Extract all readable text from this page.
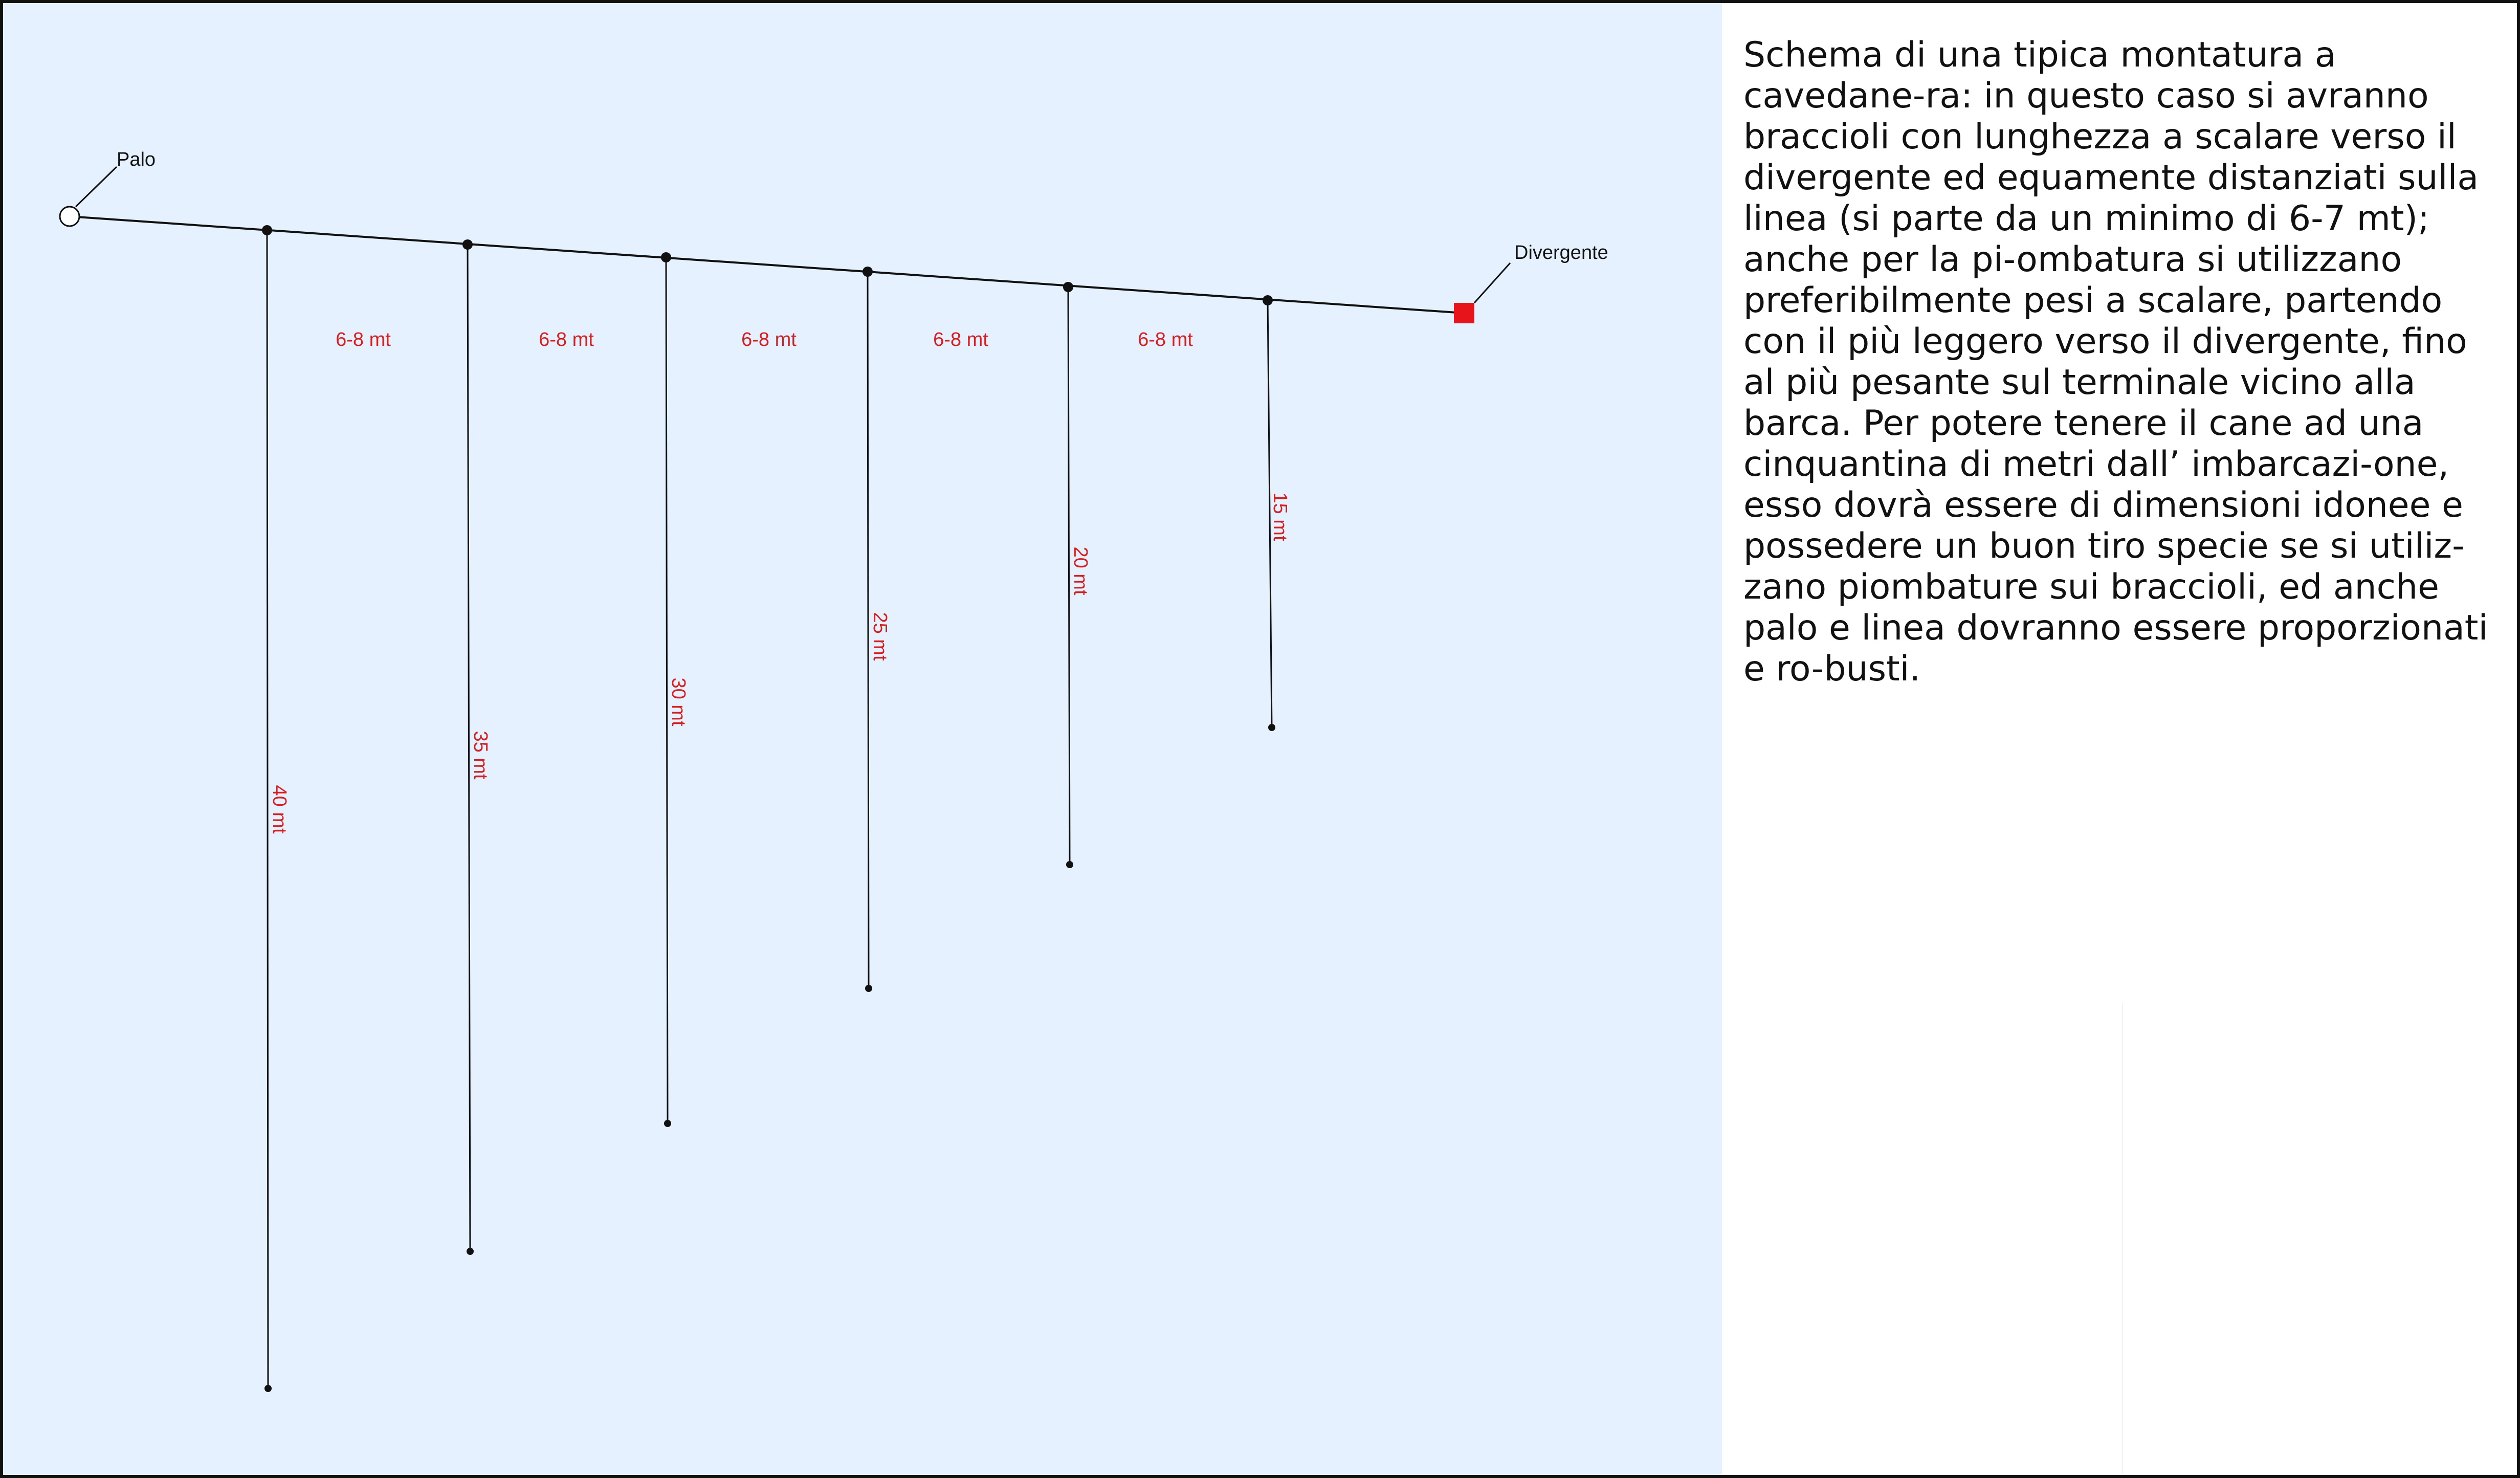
Palo
Divergente
6-8 mt	6-8 mt	6-8 mt	6-8 mt	6-8 mt
40 mt
35 mt
30 mt
25 mt
20 mt
15 mt

Schema di una tipica montatura a cavedane-ra: in questo caso si avranno braccioli con lunghezza a scalare verso il divergente ed equamente distanziati sulla linea (si parte da un minimo di 6-7 mt); anche per la pi-ombatura si utilizzano preferibilmente pesi a scalare, partendo con il più leggero verso il divergente, fino al più pesante sul terminale vicino alla barca. Per potere tenere il cane ad una cinquantina di metri dall’ imbarcazi-one, esso dovrà essere di dimensioni idonee e possedere un buon tiro specie se si utiliz-zano piombature sui braccioli, ed anche palo e linea dovranno essere proporzionati e ro-busti.
